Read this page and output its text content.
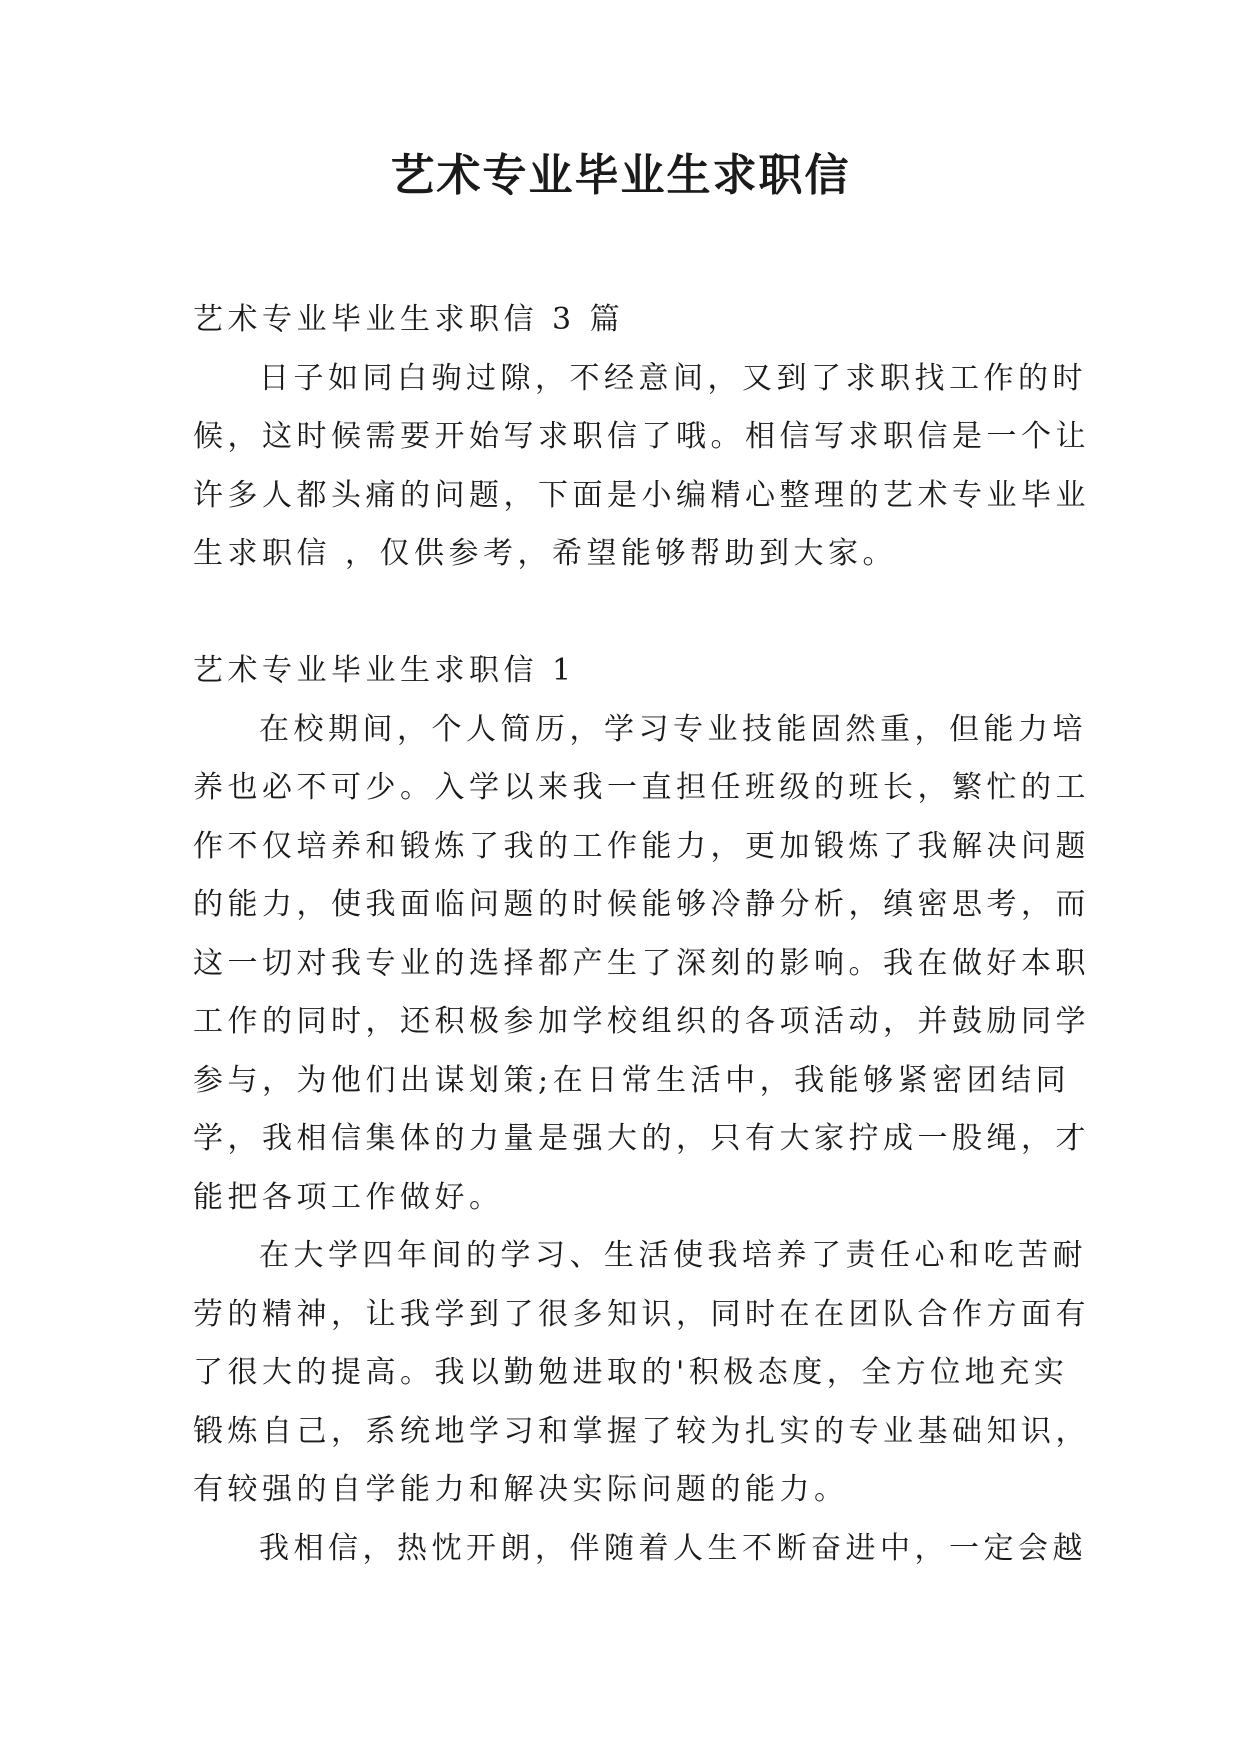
艺术专业毕业生求职信

艺术专业毕业生求职信 3 篇

日子如同白驹过隙，不经意间，又到了求职找工作的时

候，这时候需要开始写求职信了哦。相信写求职信是一个让

许多人都头痛的问题，下面是小编精心整理的艺术专业毕业

生求职信 ，仅供参考，希望能够帮助到大家。

艺术专业毕业生求职信 1

在校期间，个人简历，学习专业技能固然重，但能力培

养也必不可少。入学以来我一直担任班级的班长，繁忙的工

作不仅培养和锻炼了我的工作能力，更加锻炼了我解决问题

的能力，使我面临问题的时候能够冷静分析，缜密思考，而

这一切对我专业的选择都产生了深刻的影响。我在做好本职

工作的同时，还积极参加学校组织的各项活动，并鼓励同学

参与，为他们出谋划策;在日常生活中，我能够紧密团结同

学，我相信集体的力量是强大的，只有大家拧成一股绳，才

能把各项工作做好。

在大学四年间的学习、生活使我培养了责任心和吃苦耐

劳的精神，让我学到了很多知识，同时在在团队合作方面有

了很大的提高。我以勤勉进取的'积极态度，全方位地充实

锻炼自己，系统地学习和掌握了较为扎实的专业基础知识，

有较强的自学能力和解决实际问题的能力。

我相信，热忱开朗，伴随着人生不断奋进中，一定会越
